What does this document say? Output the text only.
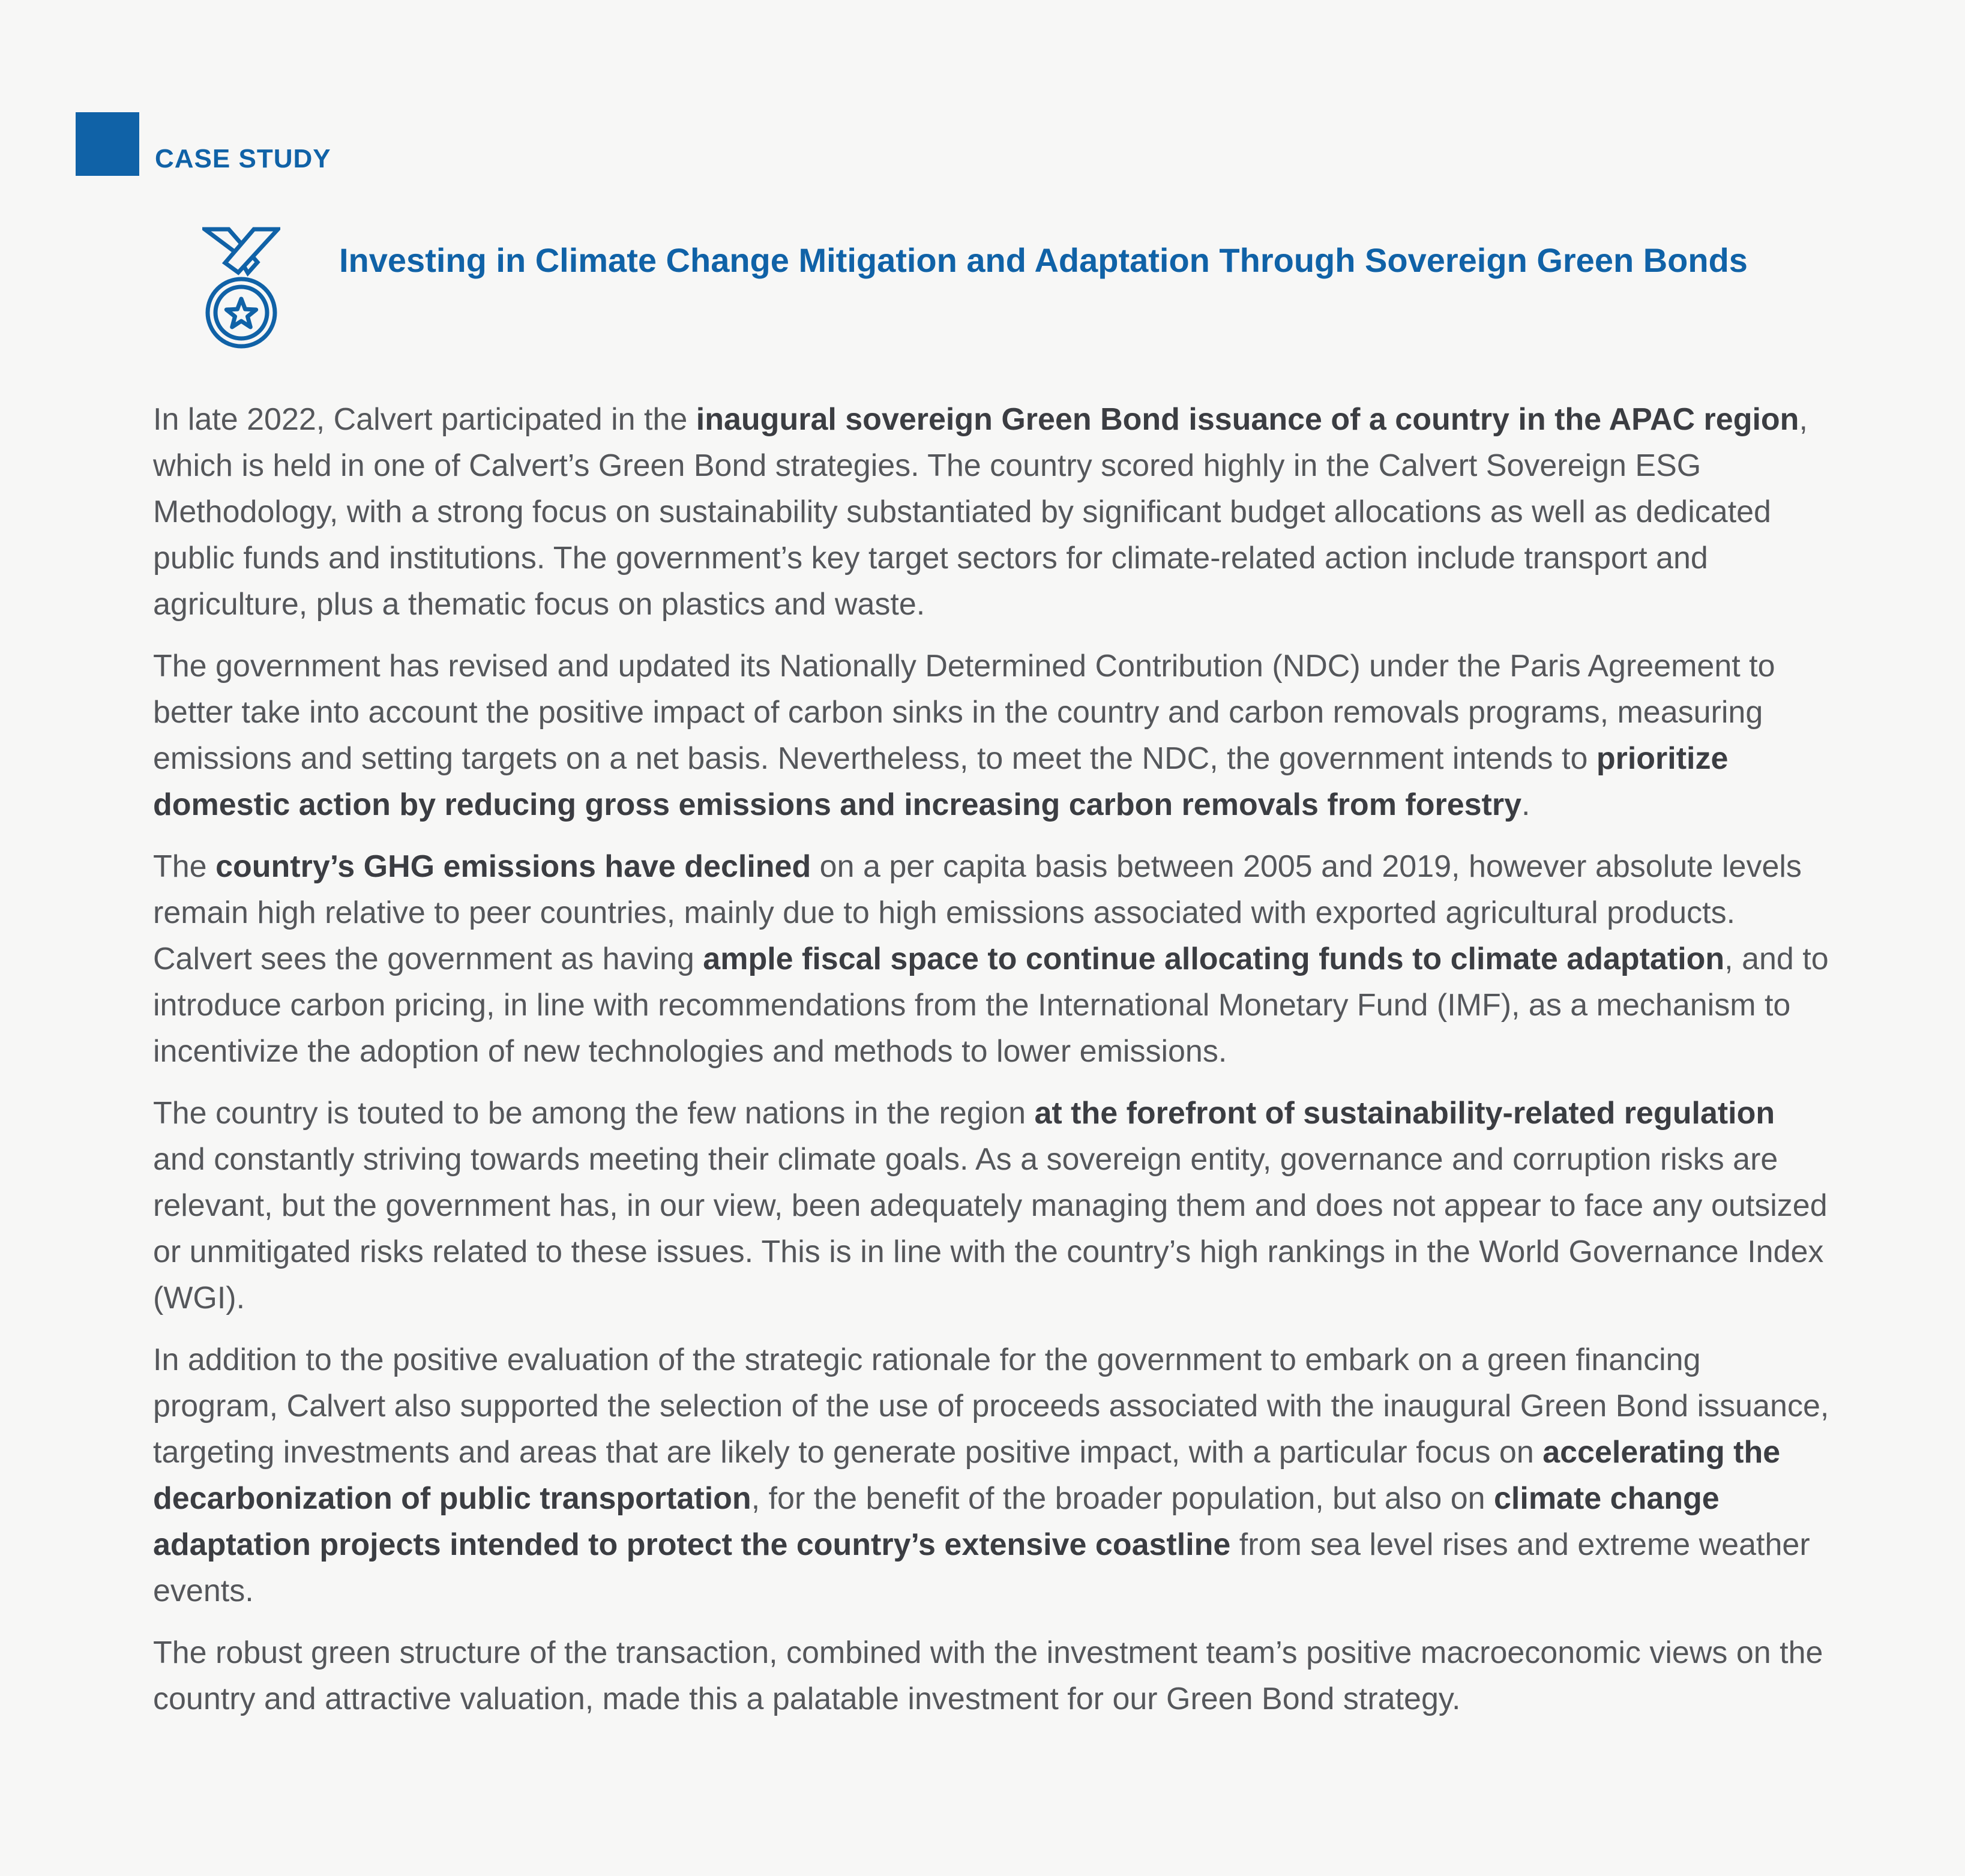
CASE STUDY
Investing in Climate Change Mitigation and Adaptation Through Sovereign Green Bonds

In late 2022, Calvert participated in the inaugural sovereign Green Bond issuance of a country in the APAC region, which is held in one of Calvert’s Green Bond strategies. The country scored highly in the Calvert Sovereign ESG Methodology, with a strong focus on sustainability substantiated by significant budget allocations as well as dedicated public funds and institutions. The government’s key target sectors for climate-related action include transport and agriculture, plus a thematic focus on plastics and waste.

The government has revised and updated its Nationally Determined Contribution (NDC) under the Paris Agreement to better take into account the positive impact of carbon sinks in the country and carbon removals programs, measuring emissions and setting targets on a net basis. Nevertheless, to meet the NDC, the government intends to prioritize domestic action by reducing gross emissions and increasing carbon removals from forestry.

The country’s GHG emissions have declined on a per capita basis between 2005 and 2019, however absolute levels remain high relative to peer countries, mainly due to high emissions associated with exported agricultural products. Calvert sees the government as having ample fiscal space to continue allocating funds to climate adaptation, and to introduce carbon pricing, in line with recommendations from the International Monetary Fund (IMF), as a mechanism to incentivize the adoption of new technologies and methods to lower emissions.

The country is touted to be among the few nations in the region at the forefront of sustainability-related regulation and constantly striving towards meeting their climate goals. As a sovereign entity, governance and corruption risks are relevant, but the government has, in our view, been adequately managing them and does not appear to face any outsized or unmitigated risks related to these issues. This is in line with the country’s high rankings in the World Governance Index (WGI).

In addition to the positive evaluation of the strategic rationale for the government to embark on a green financing program, Calvert also supported the selection of the use of proceeds associated with the inaugural Green Bond issuance, targeting investments and areas that are likely to generate positive impact, with a particular focus on accelerating the decarbonization of public transportation, for the benefit of the broader population, but also on climate change adaptation projects intended to protect the country’s extensive coastline from sea level rises and extreme weather events.

The robust green structure of the transaction, combined with the investment team’s positive macroeconomic views on the country and attractive valuation, made this a palatable investment for our Green Bond strategy.
